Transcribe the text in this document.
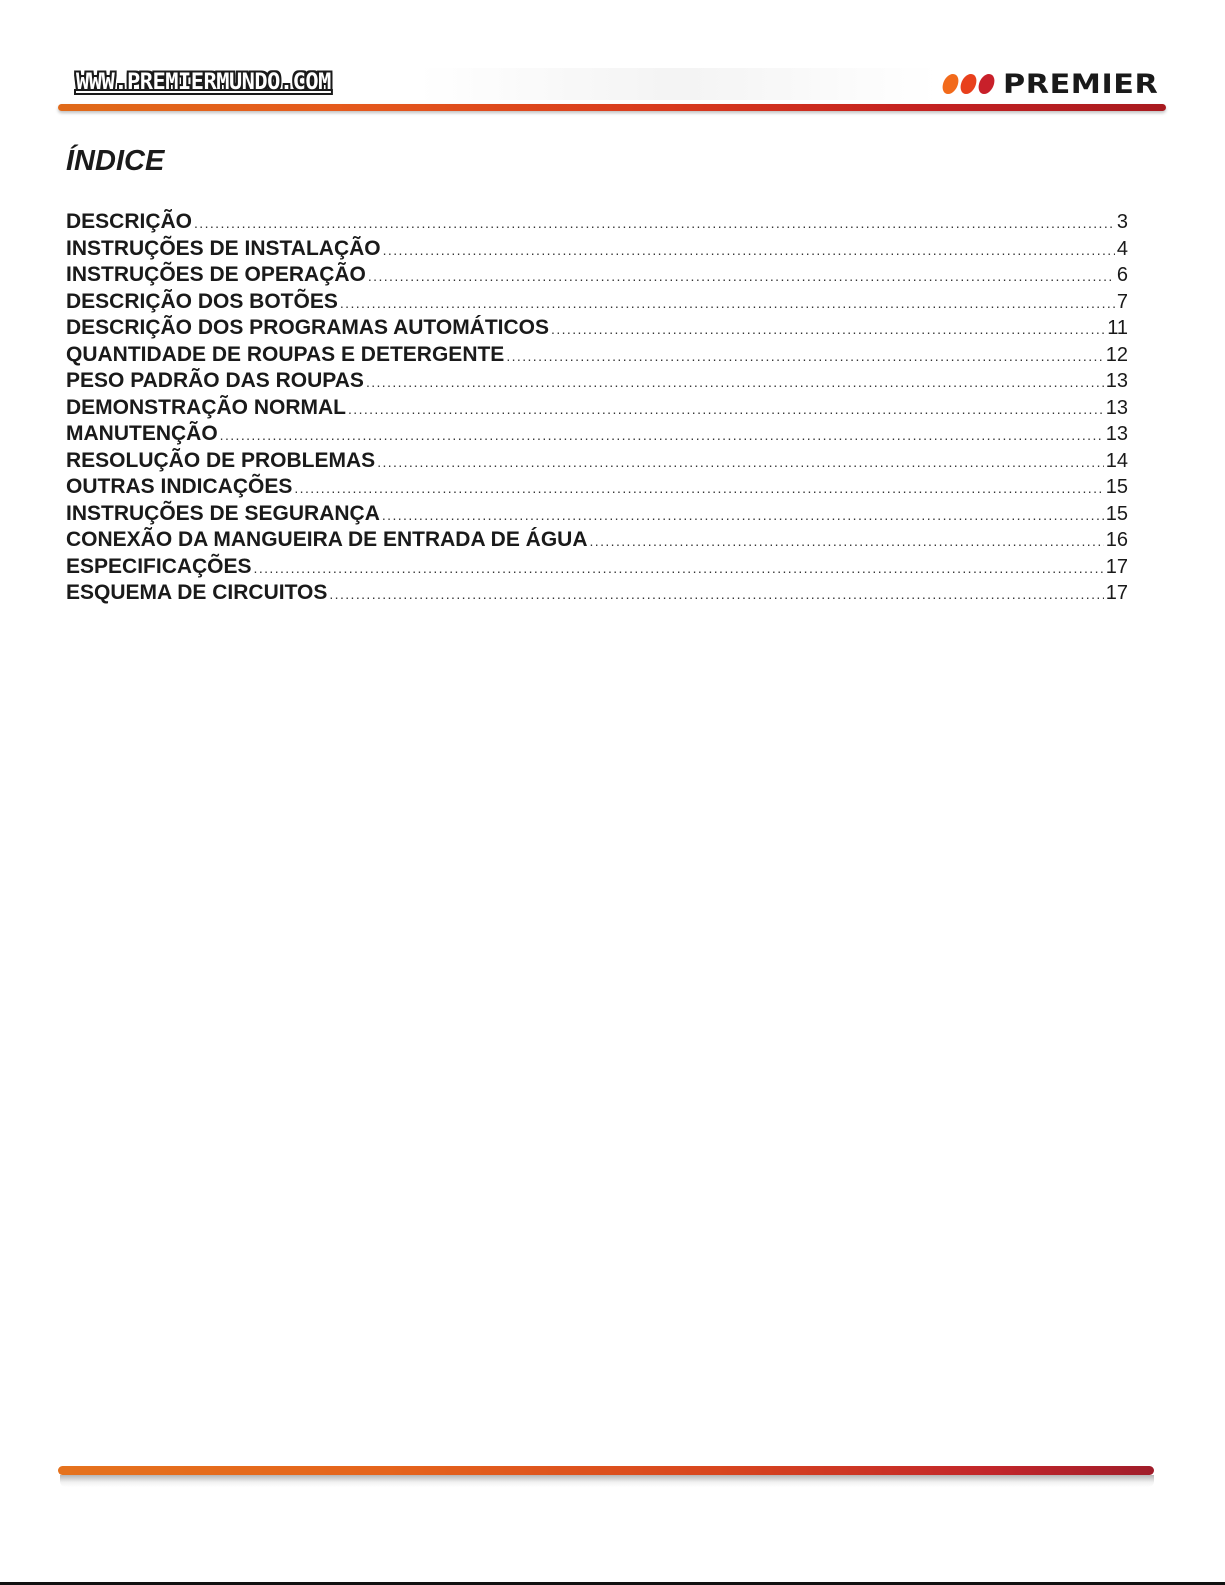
WWW.PREMIERMUNDO.COM	PREMIER
ÍNDICE
DESCRIÇÃO .....	3
INSTRUÇÕES DE INSTALAÇÃO .....	4
INSTRUÇÕES DE OPERAÇÃO .....	6
DESCRIÇÃO DOS BOTÕES .....	7
DESCRIÇÃO DOS PROGRAMAS AUTOMÁTICOS .....	11
QUANTIDADE DE ROUPAS E DETERGENTE .....	12
PESO PADRÃO DAS ROUPAS .....	13
DEMONSTRAÇÃO NORMAL .....	13
MANUTENÇÃO .....	13
RESOLUÇÃO DE PROBLEMAS .....	14
OUTRAS INDICAÇÕES .....	15
INSTRUÇÕES DE SEGURANÇA .....	15
CONEXÃO DA MANGUEIRA DE ENTRADA DE ÁGUA .....	16
ESPECIFICAÇÕES .....	17
ESQUEMA DE CIRCUITOS .....	17
